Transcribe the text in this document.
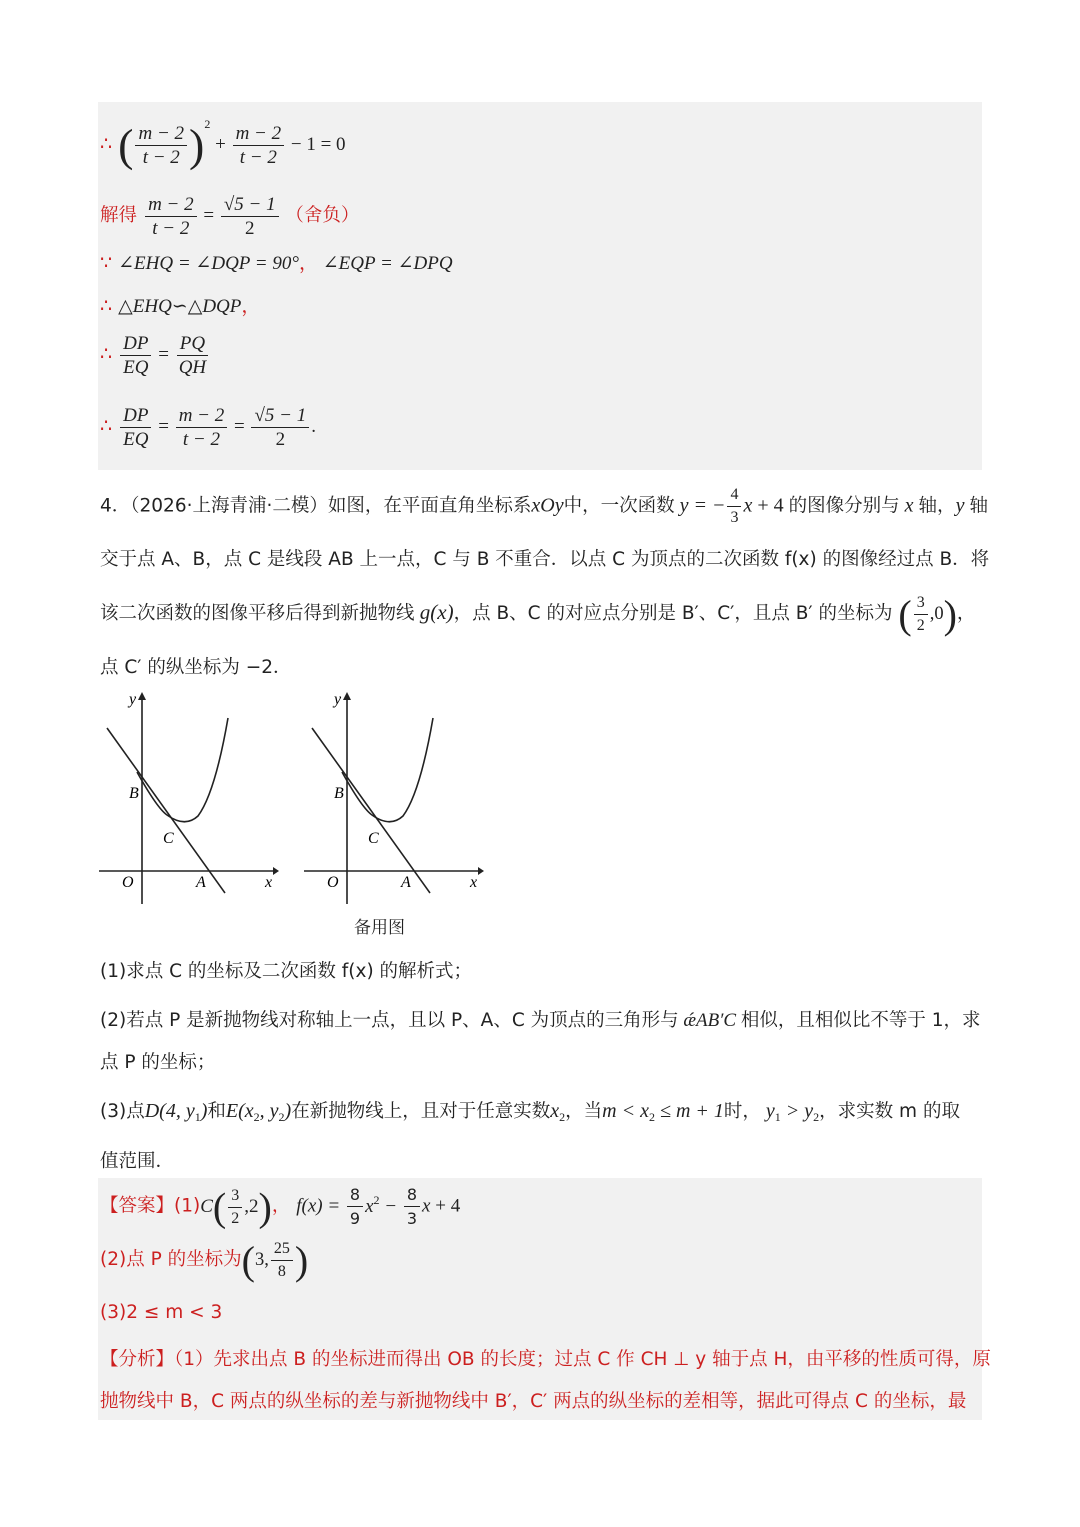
∴ ( $\frac{m - 2}{t - 2} )^2 + \frac{m - 2}{t - 2} - 1 = 0$
解得 $\frac{m - 2}{t - 2} = \frac{√5 - 1}{2}$ （舍负）
∵ ∠EHQ = ∠DQP = 90°， ∠EQP = ∠DPQ
∴ △EHQ∽△DQP，
∴ $\frac{DP}{EQ} = \frac{PQ}{QH}$
∴ $\frac{DP}{EQ} = \frac{m - 2}{t - 2} = \frac{√5 - 1}{2}$ .
4．（2026·上海青浦·二模）如图，在平面直角坐标系xOy中，一次函数 y = − $\frac{4}{3}$ x + 4 的图像分别与 x 轴，y 轴
交于点 A、B，点 C 是线段 AB 上一点，C 与 B 不重合．以点 C 为顶点的二次函数 f(x) 的图像经过点 B．将
该二次函数的图像平移后得到新抛物线 g(x)，点 B、C 的对应点分别是 B′、C′，且点 B′ 的坐标为 ( $\frac{3}{2} ,0$)，
点 C′ 的纵坐标为 −2．
y
x
O	A
B
C
y
x
O	A
B
C
备用图
(1)求点 C 的坐标及二次函数 f(x) 的解析式；
(2)若点 P 是新抛物线对称轴上一点，且以 P、A、C 为顶点的三角形与 ǽAB′C 相似，且相似比不等于 1，求
点 P 的坐标；
(3)点D(4, $y_1$)和$E(x_2$, $y_2$)在新抛物线上，且对于任意实数$x_2$，当$m < x_2 \le m + 1$时， $y_1 > y_2$，求实数 m 的取
值范围．
【答案】$(1)C( \frac{3}{2} ,2)$， $f(x) = \frac{8}{9} x^2 - \frac{8}{3}$ x + 4
(2)点 P 的坐标为(3, $\frac{25}{8}$ )
(3)2 ≤ m < 3
【分析】（1）先求出点 B 的坐标进而得出 OB 的长度；过点 C 作 CH ⊥ y 轴于点 H，由平移的性质可得，原
抛物线中 B，C 两点的纵坐标的差与新抛物线中 B′，C′ 两点的纵坐标的差相等，据此可得点 C 的坐标，最
